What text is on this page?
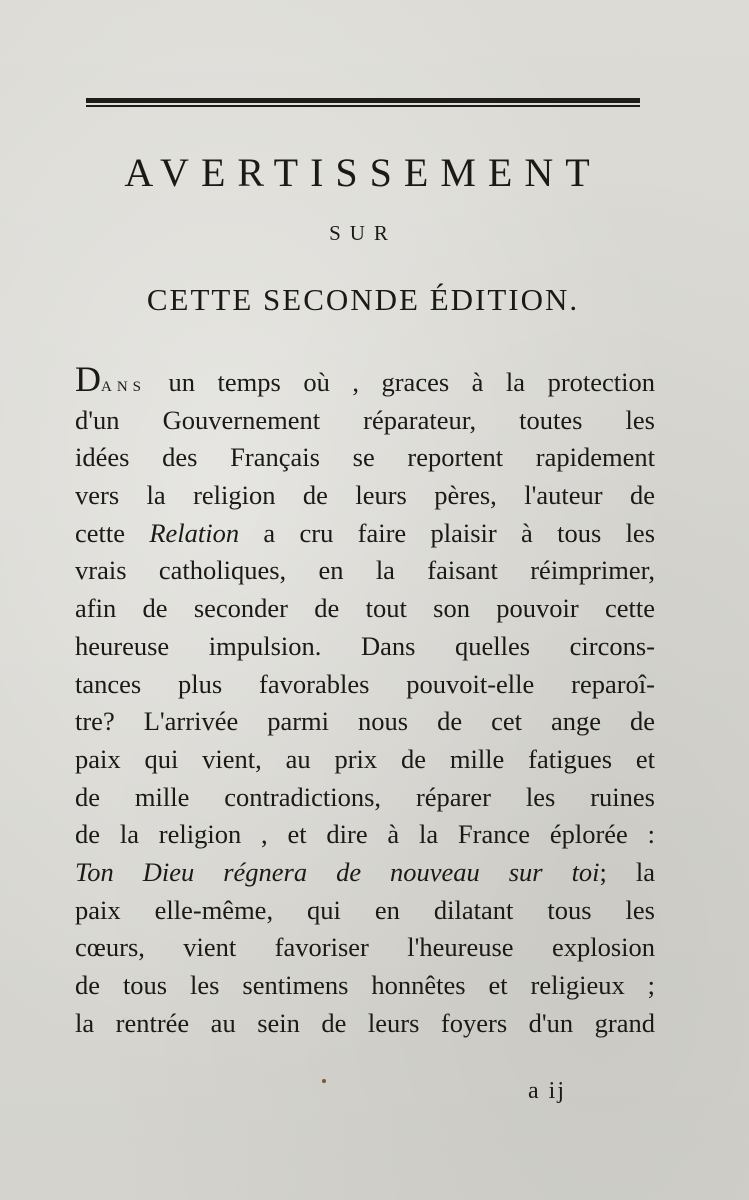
AVERTISSEMENT
SUR
CETTE SECONDE ÉDITION.
DANS un temps où , graces à la protection
d'un Gouvernement réparateur, toutes les
idées des Français se reportent rapidement
vers la religion de leurs pères, l'auteur de
cette Relation a cru faire plaisir à tous les
vrais catholiques, en la faisant réimprimer,
afin de seconder de tout son pouvoir cette
heureuse impulsion. Dans quelles circons-
tances plus favorables pouvoit-elle reparoî-
tre? L'arrivée parmi nous de cet ange de
paix qui vient, au prix de mille fatigues et
de mille contradictions, réparer les ruines
de la religion , et dire à la France éplorée :
Ton Dieu régnera de nouveau sur toi; la
paix elle-même, qui en dilatant tous les
cœurs, vient favoriser l'heureuse explosion
de tous les sentimens honnêtes et religieux ;
la rentrée au sein de leurs foyers d'un grand
a ij
